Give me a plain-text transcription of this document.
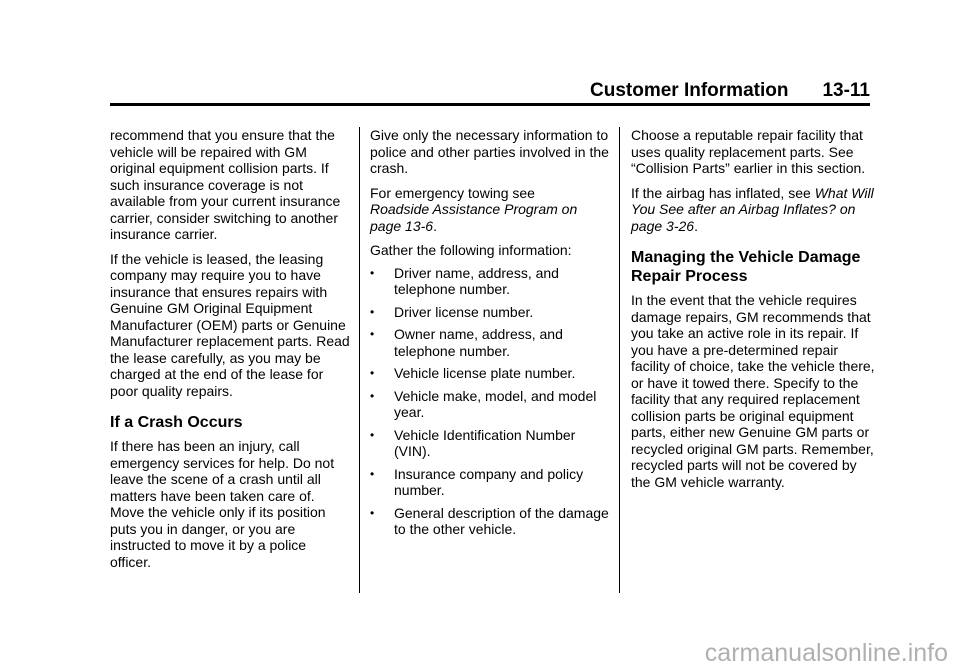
Customer Information 13-11

recommend that you ensure that the vehicle will be repaired with GM original equipment collision parts. If such insurance coverage is not available from your current insurance carrier, consider switching to another insurance carrier.

If the vehicle is leased, the leasing company may require you to have insurance that ensures repairs with Genuine GM Original Equipment Manufacturer (OEM) parts or Genuine Manufacturer replacement parts. Read the lease carefully, as you may be charged at the end of the lease for poor quality repairs.

If a Crash Occurs

If there has been an injury, call emergency services for help. Do not leave the scene of a crash until all matters have been taken care of. Move the vehicle only if its position puts you in danger, or you are instructed to move it by a police officer.

Give only the necessary information to police and other parties involved in the crash.

For emergency towing see
Roadside Assistance Program on page 13-6.

Gather the following information:

• Driver name, address, and telephone number.
• Driver license number.
• Owner name, address, and telephone number.
• Vehicle license plate number.
• Vehicle make, model, and model year.
• Vehicle Identification Number (VIN).
• Insurance company and policy number.
• General description of the damage to the other vehicle.

Choose a reputable repair facility that uses quality replacement parts. See “Collision Parts” earlier in this section.

If the airbag has inflated, see What Will You See after an Airbag Inflates? on page 3-26.

Managing the Vehicle Damage Repair Process

In the event that the vehicle requires damage repairs, GM recommends that you take an active role in its repair. If you have a pre-determined repair facility of choice, take the vehicle there, or have it towed there. Specify to the facility that any required replacement collision parts be original equipment parts, either new Genuine GM parts or recycled original GM parts. Remember, recycled parts will not be covered by the GM vehicle warranty.

carmanualsonline.info
